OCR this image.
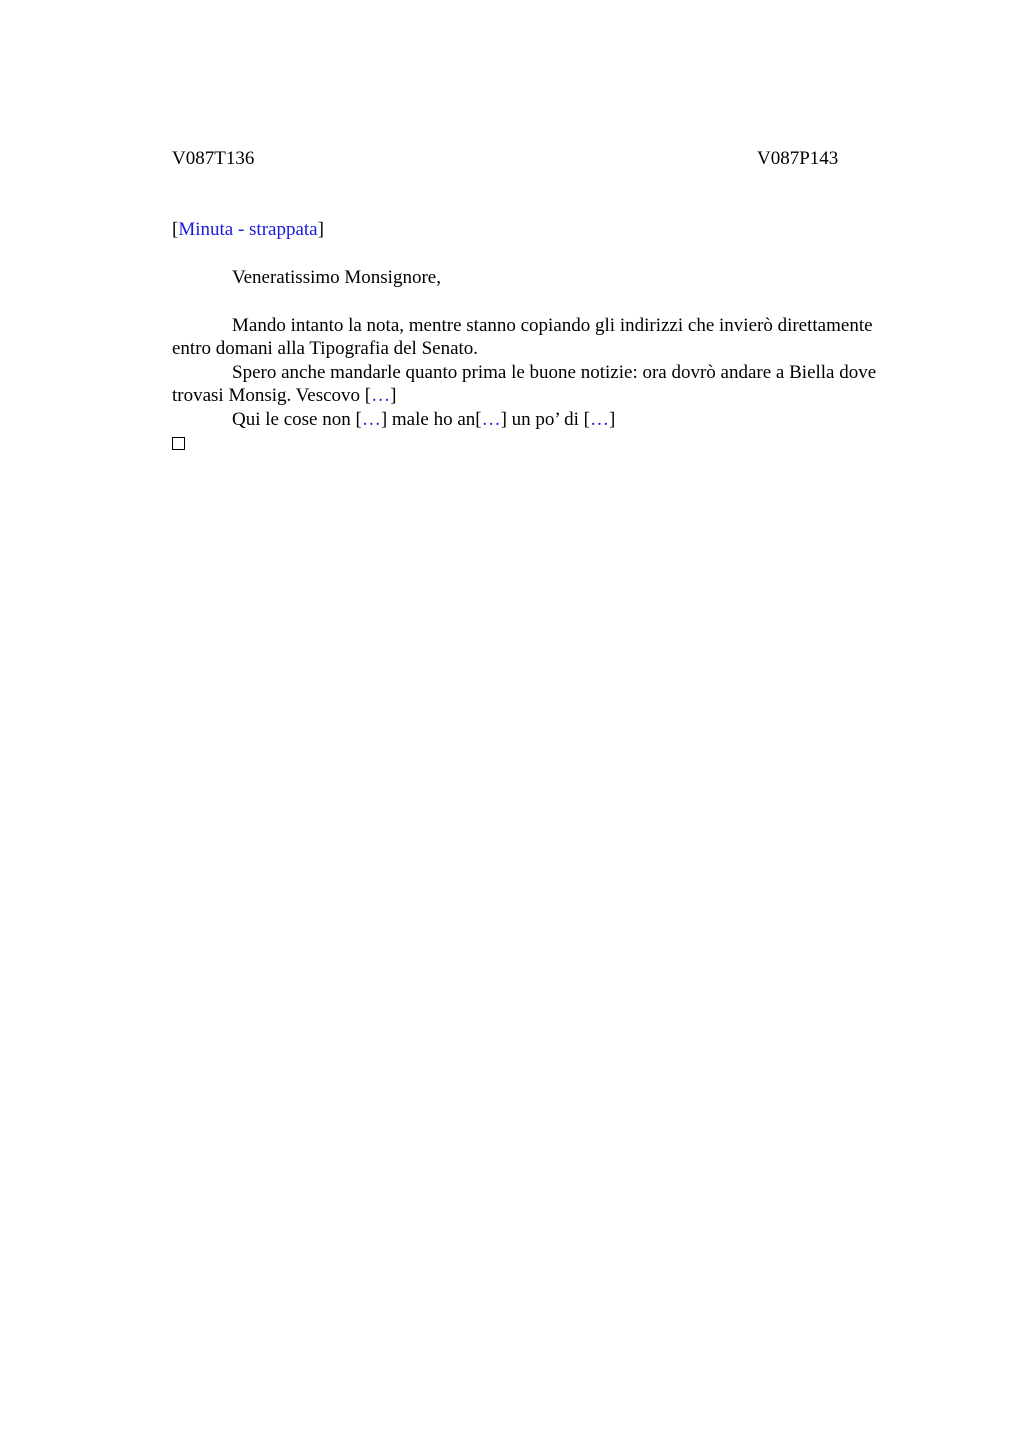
V087T136	V087P143
[Minuta - strappata]

Veneratissimo Monsignore,

Mando intanto la nota, mentre stanno copiando gli indirizzi che invierò direttamente entro domani alla Tipografia del Senato.

Spero anche mandarle quanto prima le buone notizie: ora dovrò andare a Biella dove trovasi Monsig. Vescovo […]

Qui le cose non […] male ho an[…] un po’ di […]
